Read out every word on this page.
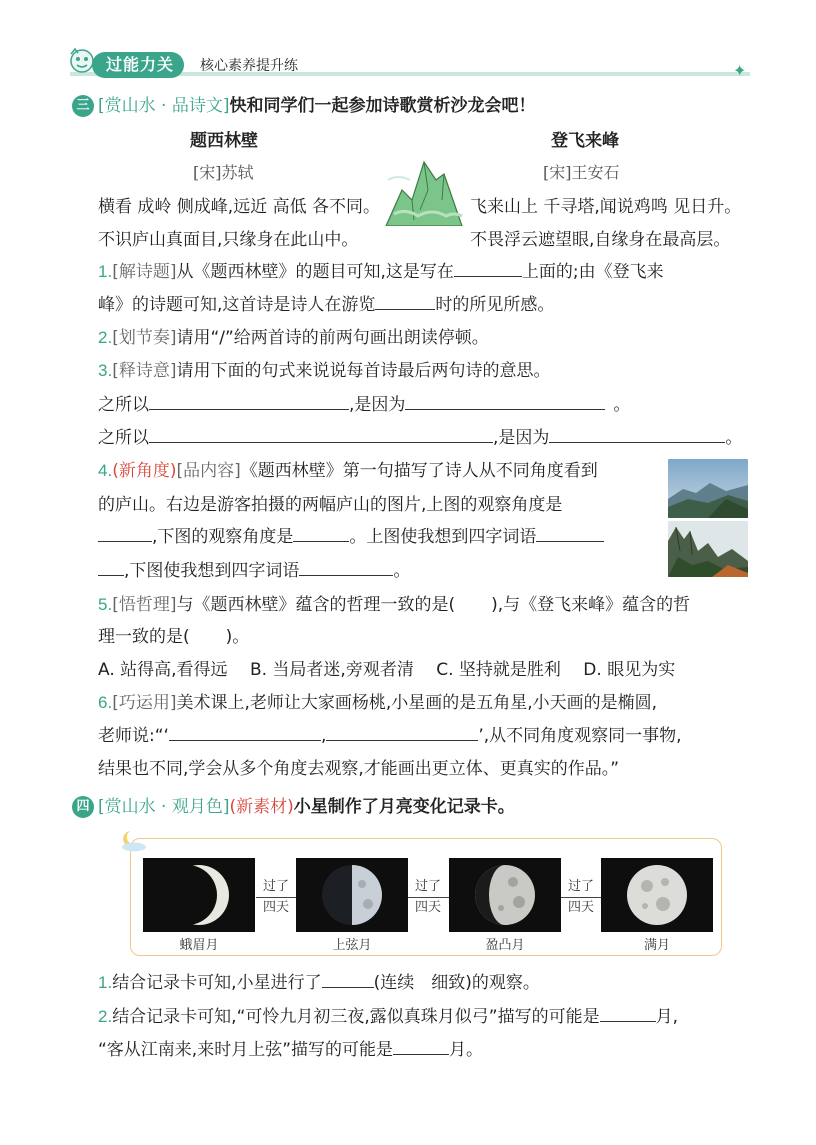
过能力关	核心素养提升练	✦
三 [赏山水 · 品诗文]快和同学们一起参加诗歌赏析沙龙会吧！
题西林壁
[宋]苏轼
登飞来峰
[宋]王安石
横看 成岭 侧成峰,远近 高低 各不同。
不识庐山真面目,只缘身在此山中。
飞来山上 千寻塔,闻说鸡鸣 见日升。
不畏浮云遮望眼,自缘身在最高层。
1.[解诗题]从《题西林壁》的题目可知,这是写在	上面的;由《登飞来
峰》的诗题可知,这首诗是诗人在游览	时的所见所感。
2.[划节奏]请用“/”给两首诗的前两句画出朗读停顿。
3.[释诗意]请用下面的句式来说说每首诗最后两句诗的意思。
之所以	,是因为	。
之所以	,是因为	。
4.(新角度)[品内容]《题西林壁》第一句描写了诗人从不同角度看到
的庐山。右边是游客拍摄的两幅庐山的图片,上图的观察角度是
,下图的观察角度是	。上图使我想到四字词语
,下图使我想到四字词语	。
5.[悟哲理]与《题西林壁》蕴含的哲理一致的是( ),与《登飞来峰》蕴含的哲
理一致的是( )。
A. 站得高,看得远　 B. 当局者迷,旁观者清　 C. 坚持就是胜利　 D. 眼见为实
6.[巧运用]美术课上,老师让大家画杨桃,小星画的是五角星,小天画的是椭圆,
老师说:“‘	,	’,从不同角度观察同一事物,
结果也不同,学会从多个角度去观察,才能画出更立体、更真实的作品。”
四 [赏山水 · 观月色](新素材)小星制作了月亮变化记录卡。
蛾眉月	上弦月	盈凸月	满月
过了
四天
过了
四天
过了
四天
1.结合记录卡可知,小星进行了	(连续　细致)的观察。
2.结合记录卡可知,“可怜九月初三夜,露似真珠月似弓”描写的可能是	月,
“客从江南来,来时月上弦”描写的可能是	月。
